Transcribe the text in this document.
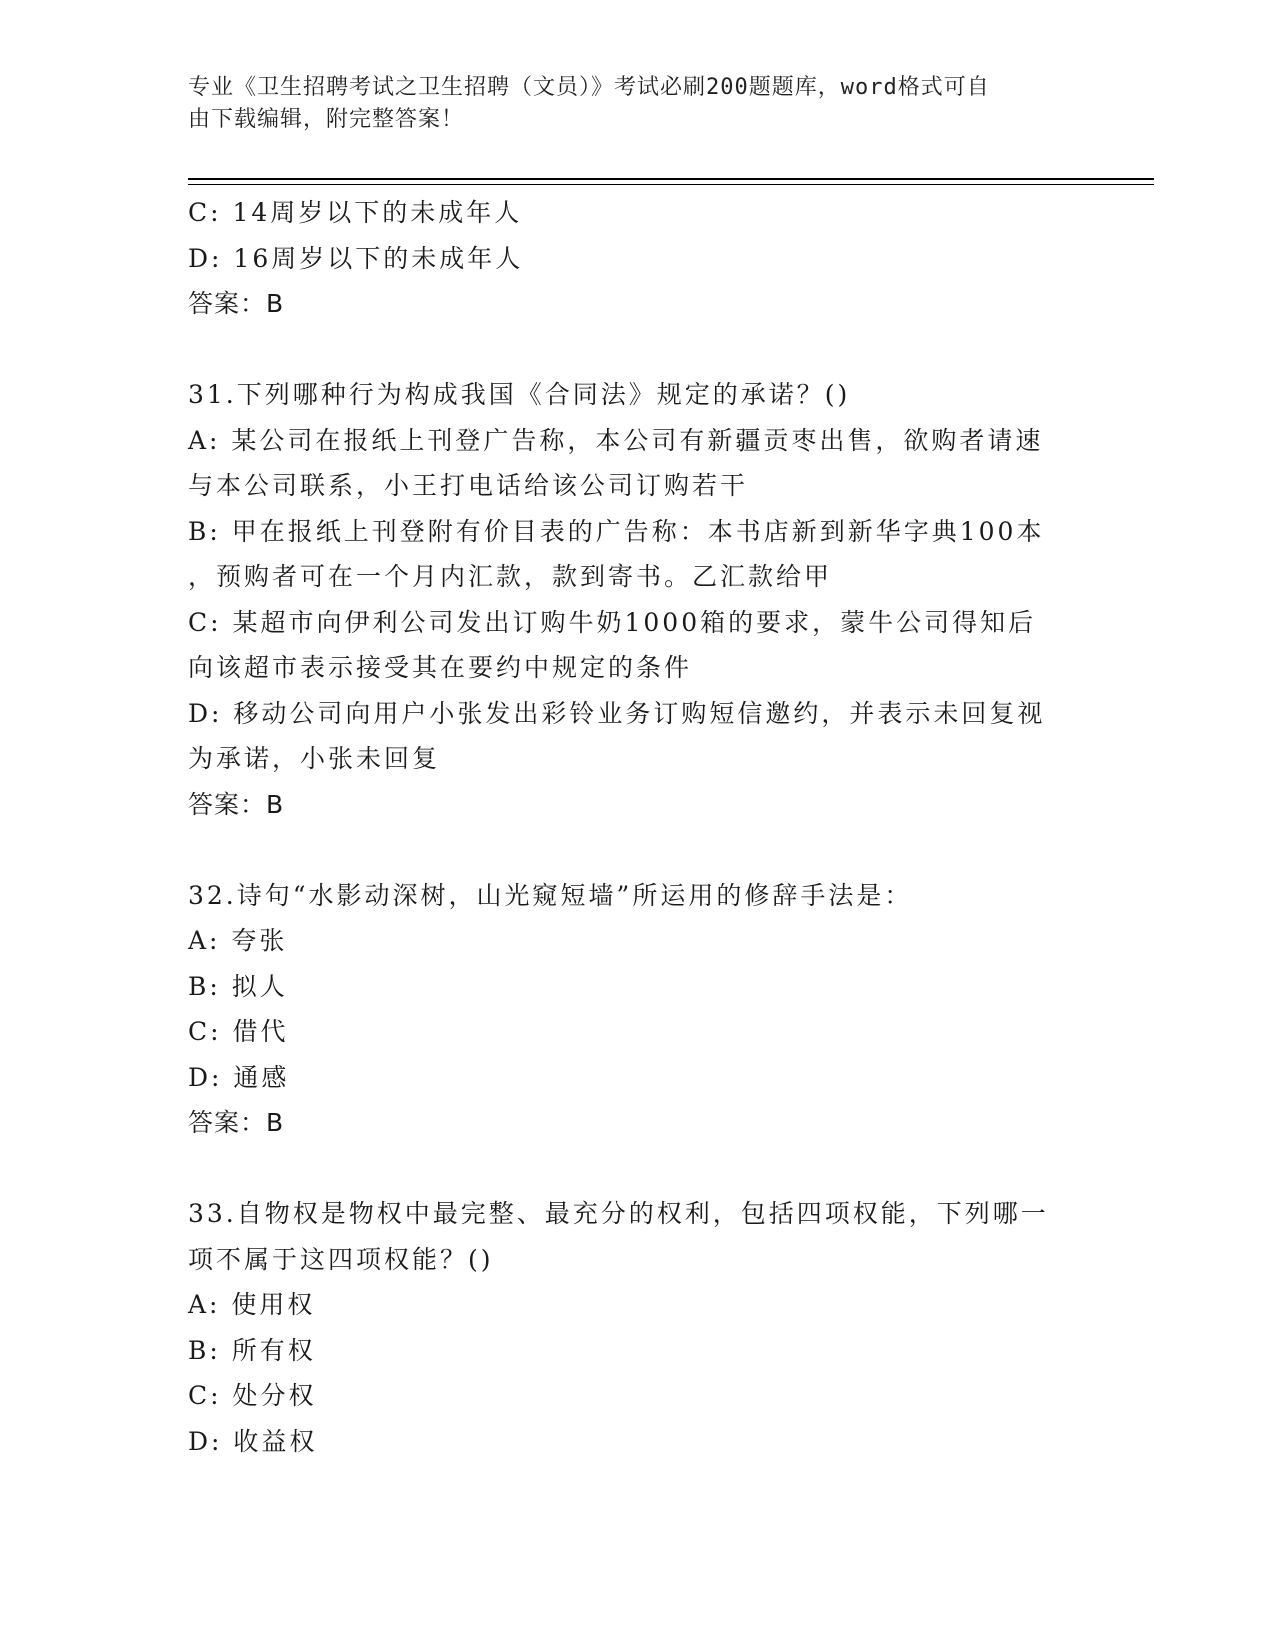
专业《卫生招聘考试之卫生招聘（文员）》考试必刷200题题库，word格式可自
由下载编辑，附完整答案！
C: 14周岁以下的未成年人
D: 16周岁以下的未成年人
答案：B
31.下列哪种行为构成我国《合同法》规定的承诺？()
A: 某公司在报纸上刊登广告称，本公司有新疆贡枣出售，欲购者请速
与本公司联系，小王打电话给该公司订购若干
B: 甲在报纸上刊登附有价目表的广告称：本书店新到新华字典100本
，预购者可在一个月内汇款，款到寄书。乙汇款给甲
C: 某超市向伊利公司发出订购牛奶1000箱的要求，蒙牛公司得知后
向该超市表示接受其在要约中规定的条件
D: 移动公司向用户小张发出彩铃业务订购短信邀约，并表示未回复视
为承诺，小张未回复
答案：B
32.诗句“水影动深树，山光窥短墙”所运用的修辞手法是：
A: 夸张
B: 拟人
C: 借代
D: 通感
答案：B
33.自物权是物权中最完整、最充分的权利，包括四项权能，下列哪一
项不属于这四项权能？()
A: 使用权
B: 所有权
C: 处分权
D: 收益权
